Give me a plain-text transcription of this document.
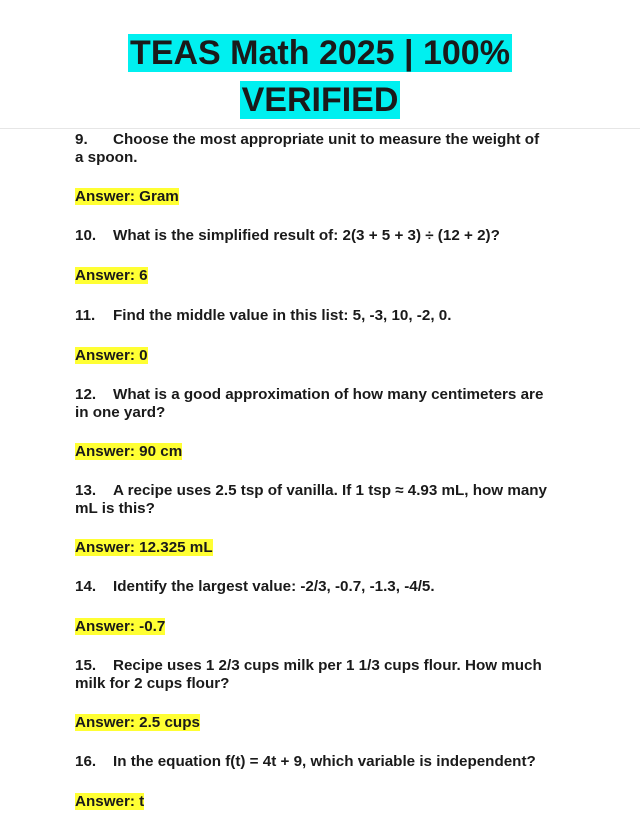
TEAS Math 2025 | 100%
VERIFIED

9. Choose the most appropriate unit to measure the weight of
a spoon.

Answer: Gram

10. What is the simplified result of: 2(3 + 5 + 3) ÷ (12 + 2)?

Answer: 6

11. Find the middle value in this list: 5, -3, 10, -2, 0.

Answer: 0

12. What is a good approximation of how many centimeters are
in one yard?

Answer: 90 cm

13. A recipe uses 2.5 tsp of vanilla. If 1 tsp ≈ 4.93 mL, how many
mL is this?

Answer: 12.325 mL

14. Identify the largest value: -2/3, -0.7, -1.3, -4/5.

Answer: -0.7

15. Recipe uses 1 2/3 cups milk per 1 1/3 cups flour. How much
milk for 2 cups flour?

Answer: 2.5 cups

16. In the equation f(t) = 4t + 9, which variable is independent?

Answer: t
